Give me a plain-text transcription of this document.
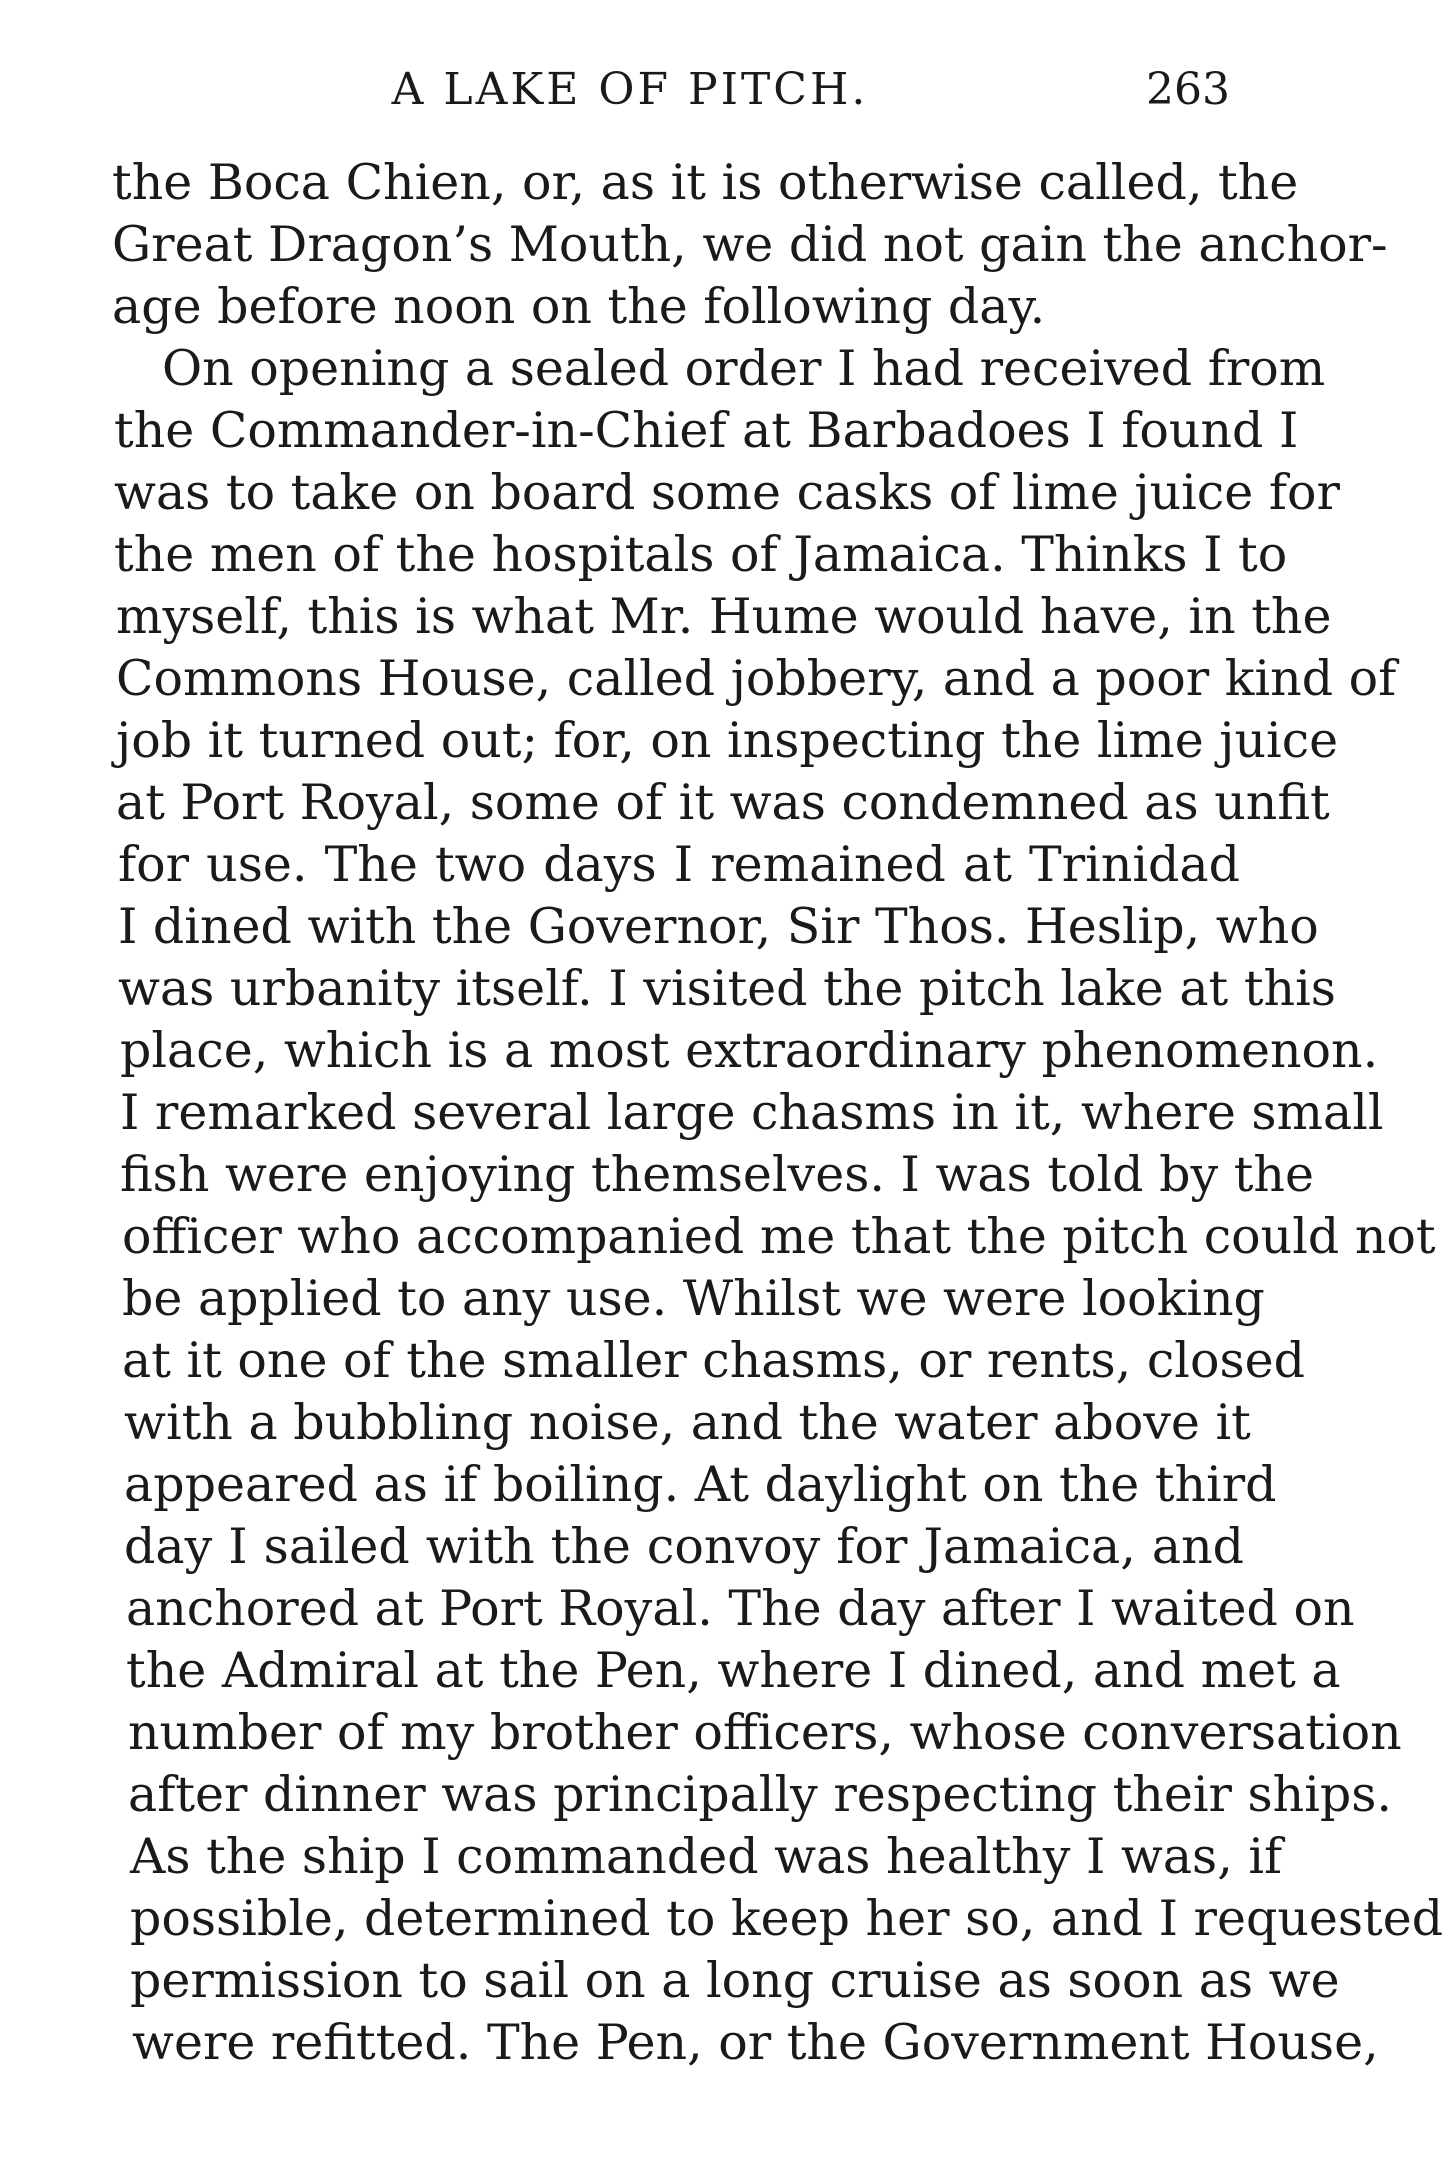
A LAKE OF PITCH.	263
the Boca Chien, or, as it is otherwise called, the
Great Dragon’s Mouth, we did not gain the anchor-
age before noon on the following day.
On opening a sealed order I had received from
the Commander-in-Chief at Barbadoes I found I
was to take on board some casks of lime juice for
the men of the hospitals of Jamaica. Thinks I to
myself, this is what Mr. Hume would have, in the
Commons House, called jobbery, and a poor kind of
job it turned out; for, on inspecting the lime juice
at Port Royal, some of it was condemned as unfit
for use. The two days I remained at Trinidad
I dined with the Governor, Sir Thos. Heslip, who
was urbanity itself. I visited the pitch lake at this
place, which is a most extraordinary phenomenon.
I remarked several large chasms in it, where small
fish were enjoying themselves. I was told by the
officer who accompanied me that the pitch could not
be applied to any use. Whilst we were looking
at it one of the smaller chasms, or rents, closed
with a bubbling noise, and the water above it
appeared as if boiling. At daylight on the third
day I sailed with the convoy for Jamaica, and
anchored at Port Royal. The day after I waited on
the Admiral at the Pen, where I dined, and met a
number of my brother officers, whose conversation
after dinner was principally respecting their ships.
As the ship I commanded was healthy I was, if
possible, determined to keep her so, and I requested
permission to sail on a long cruise as soon as we
were refitted. The Pen, or the Government House,
